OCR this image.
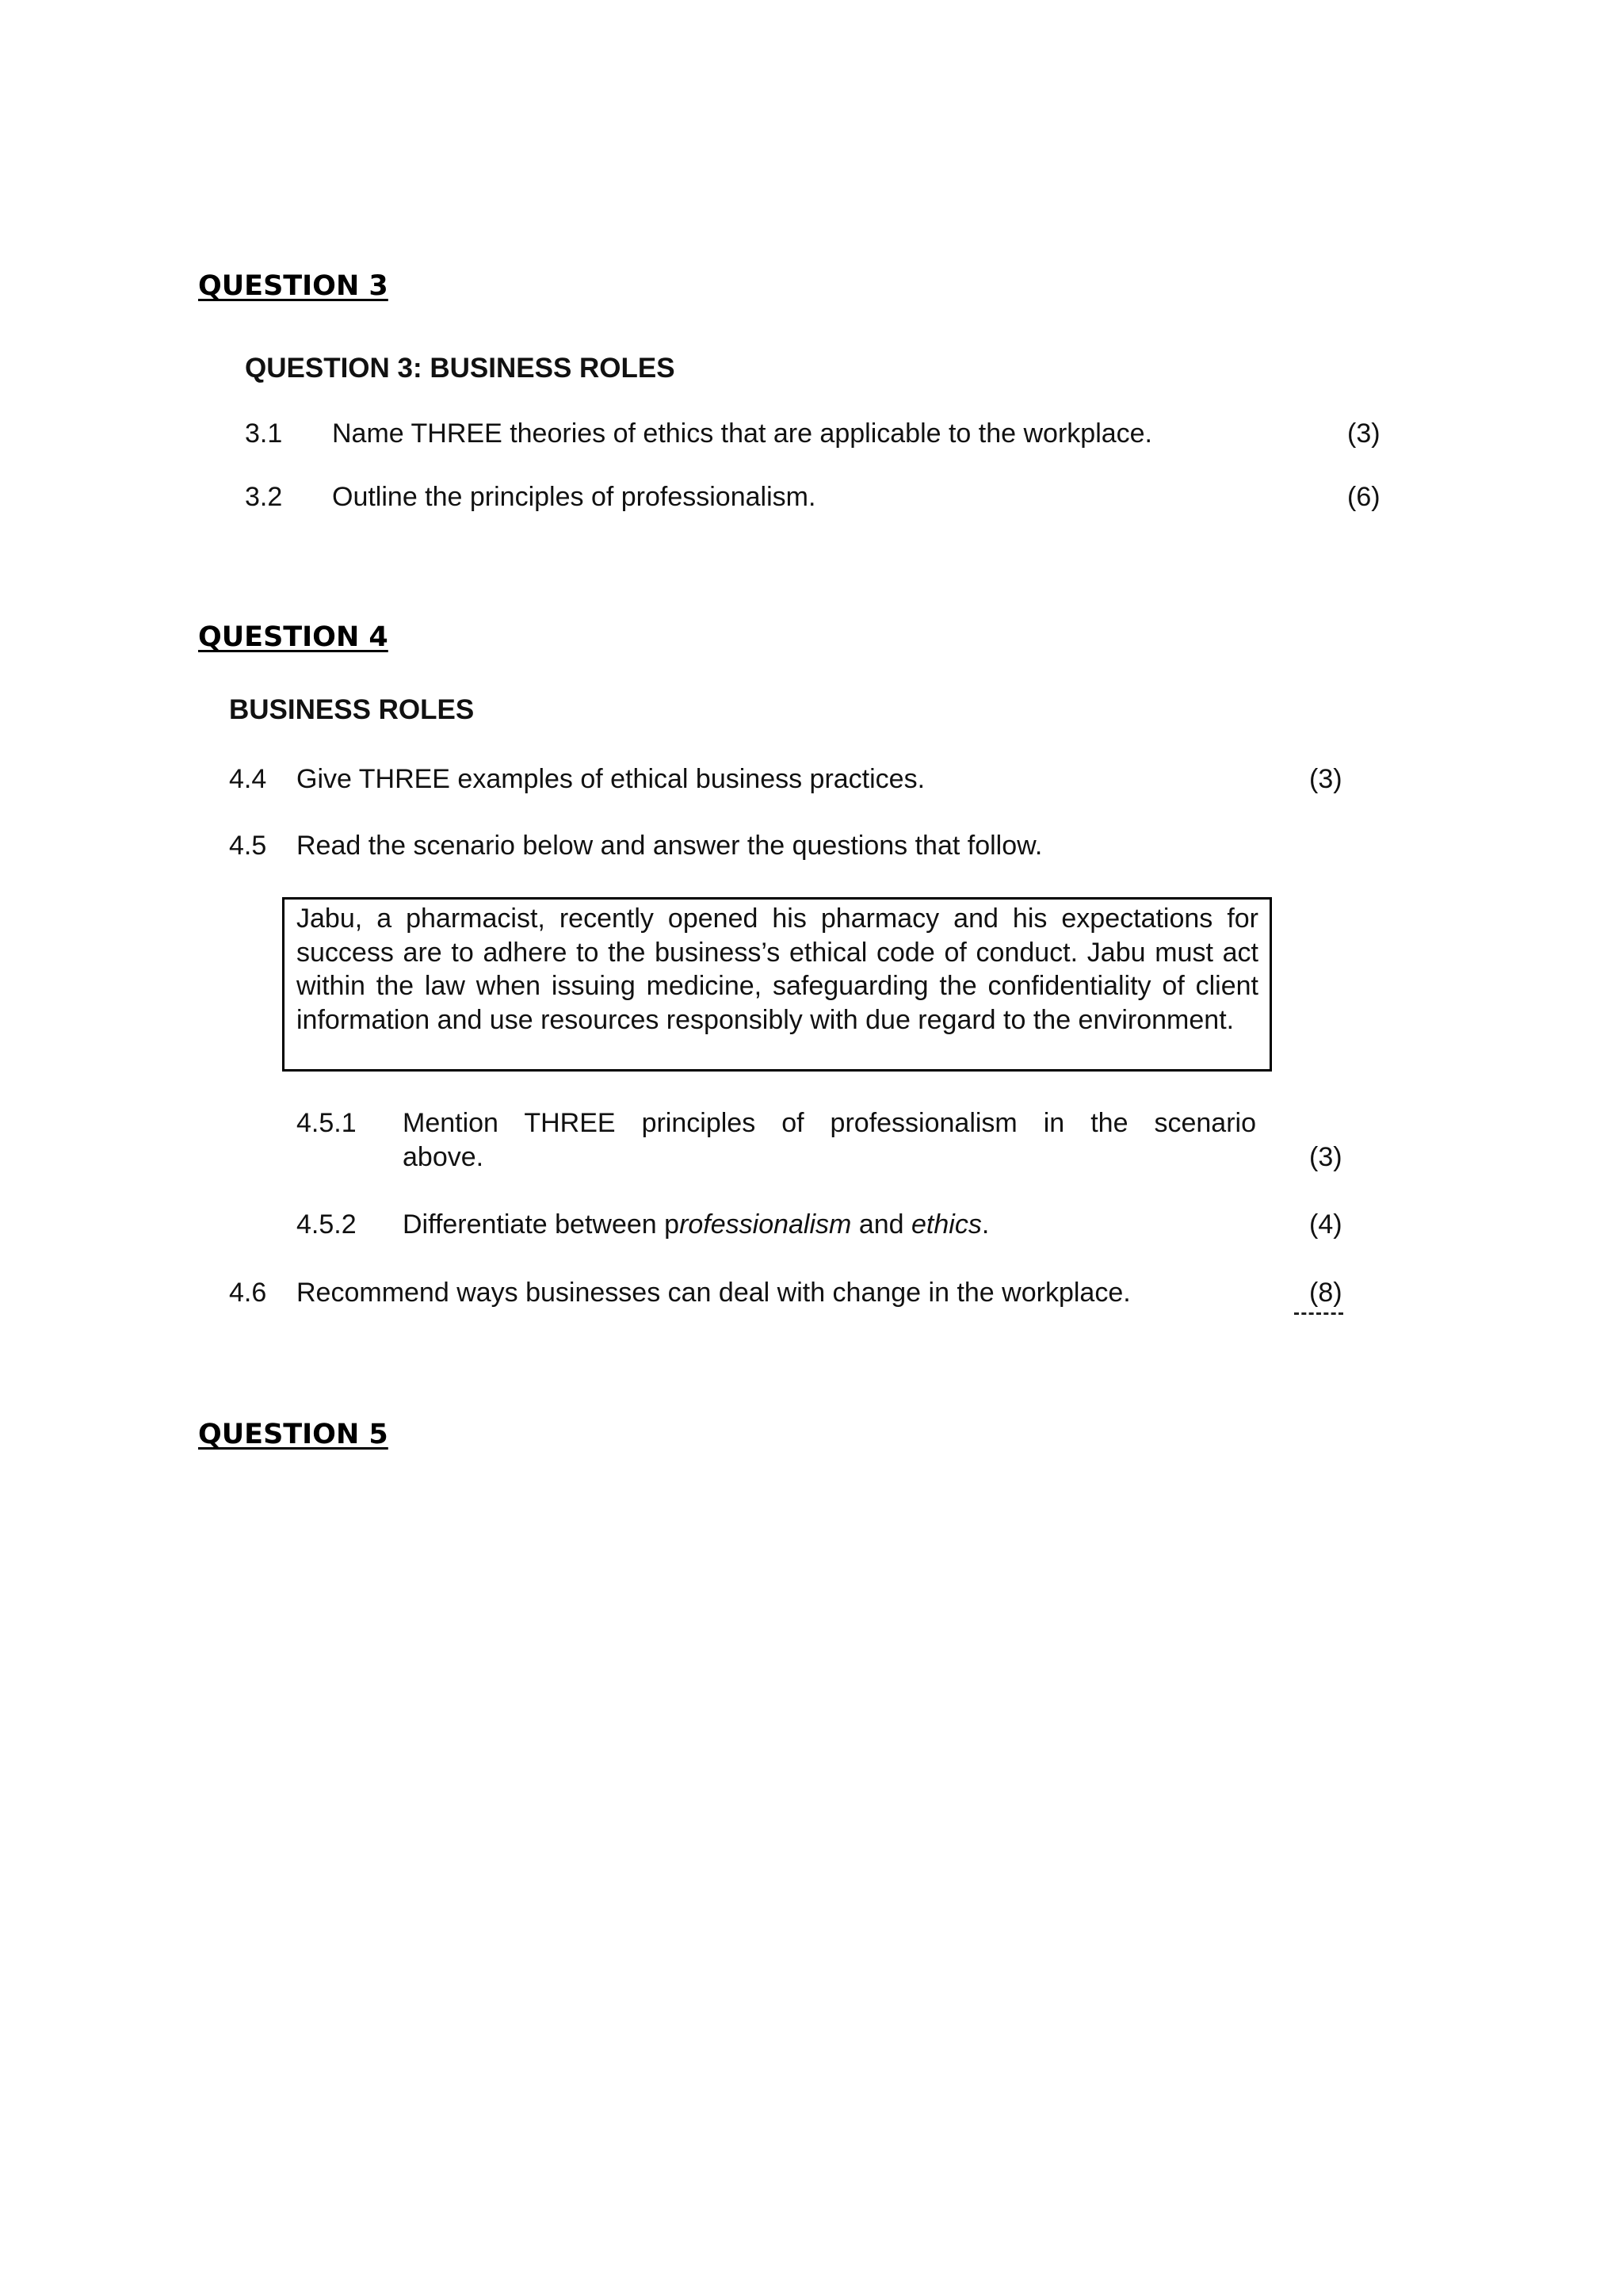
QUESTION 3
QUESTION 3: BUSINESS ROLES
3.1 Name THREE theories of ethics that are applicable to the workplace.	(3)
3.2 Outline the principles of professionalism.	(6)
QUESTION 4
BUSINESS ROLES
4.4 Give THREE examples of ethical business practices.	(3)
4.5 Read the scenario below and answer the questions that follow.
Jabu, a pharmacist, recently opened his pharmacy and his expectations for success are to adhere to the business’s ethical code of conduct. Jabu must act within the law when issuing medicine, safeguarding the confidentiality of client information and use resources responsibly with due regard to the environment.
4.5.1 Mention THREE principles of professionalism in the scenario
above.	(3)
4.5.2 Differentiate between professionalism and ethics.	(4)
4.6 Recommend ways businesses can deal with change in the workplace.	(8)
QUESTION 5
